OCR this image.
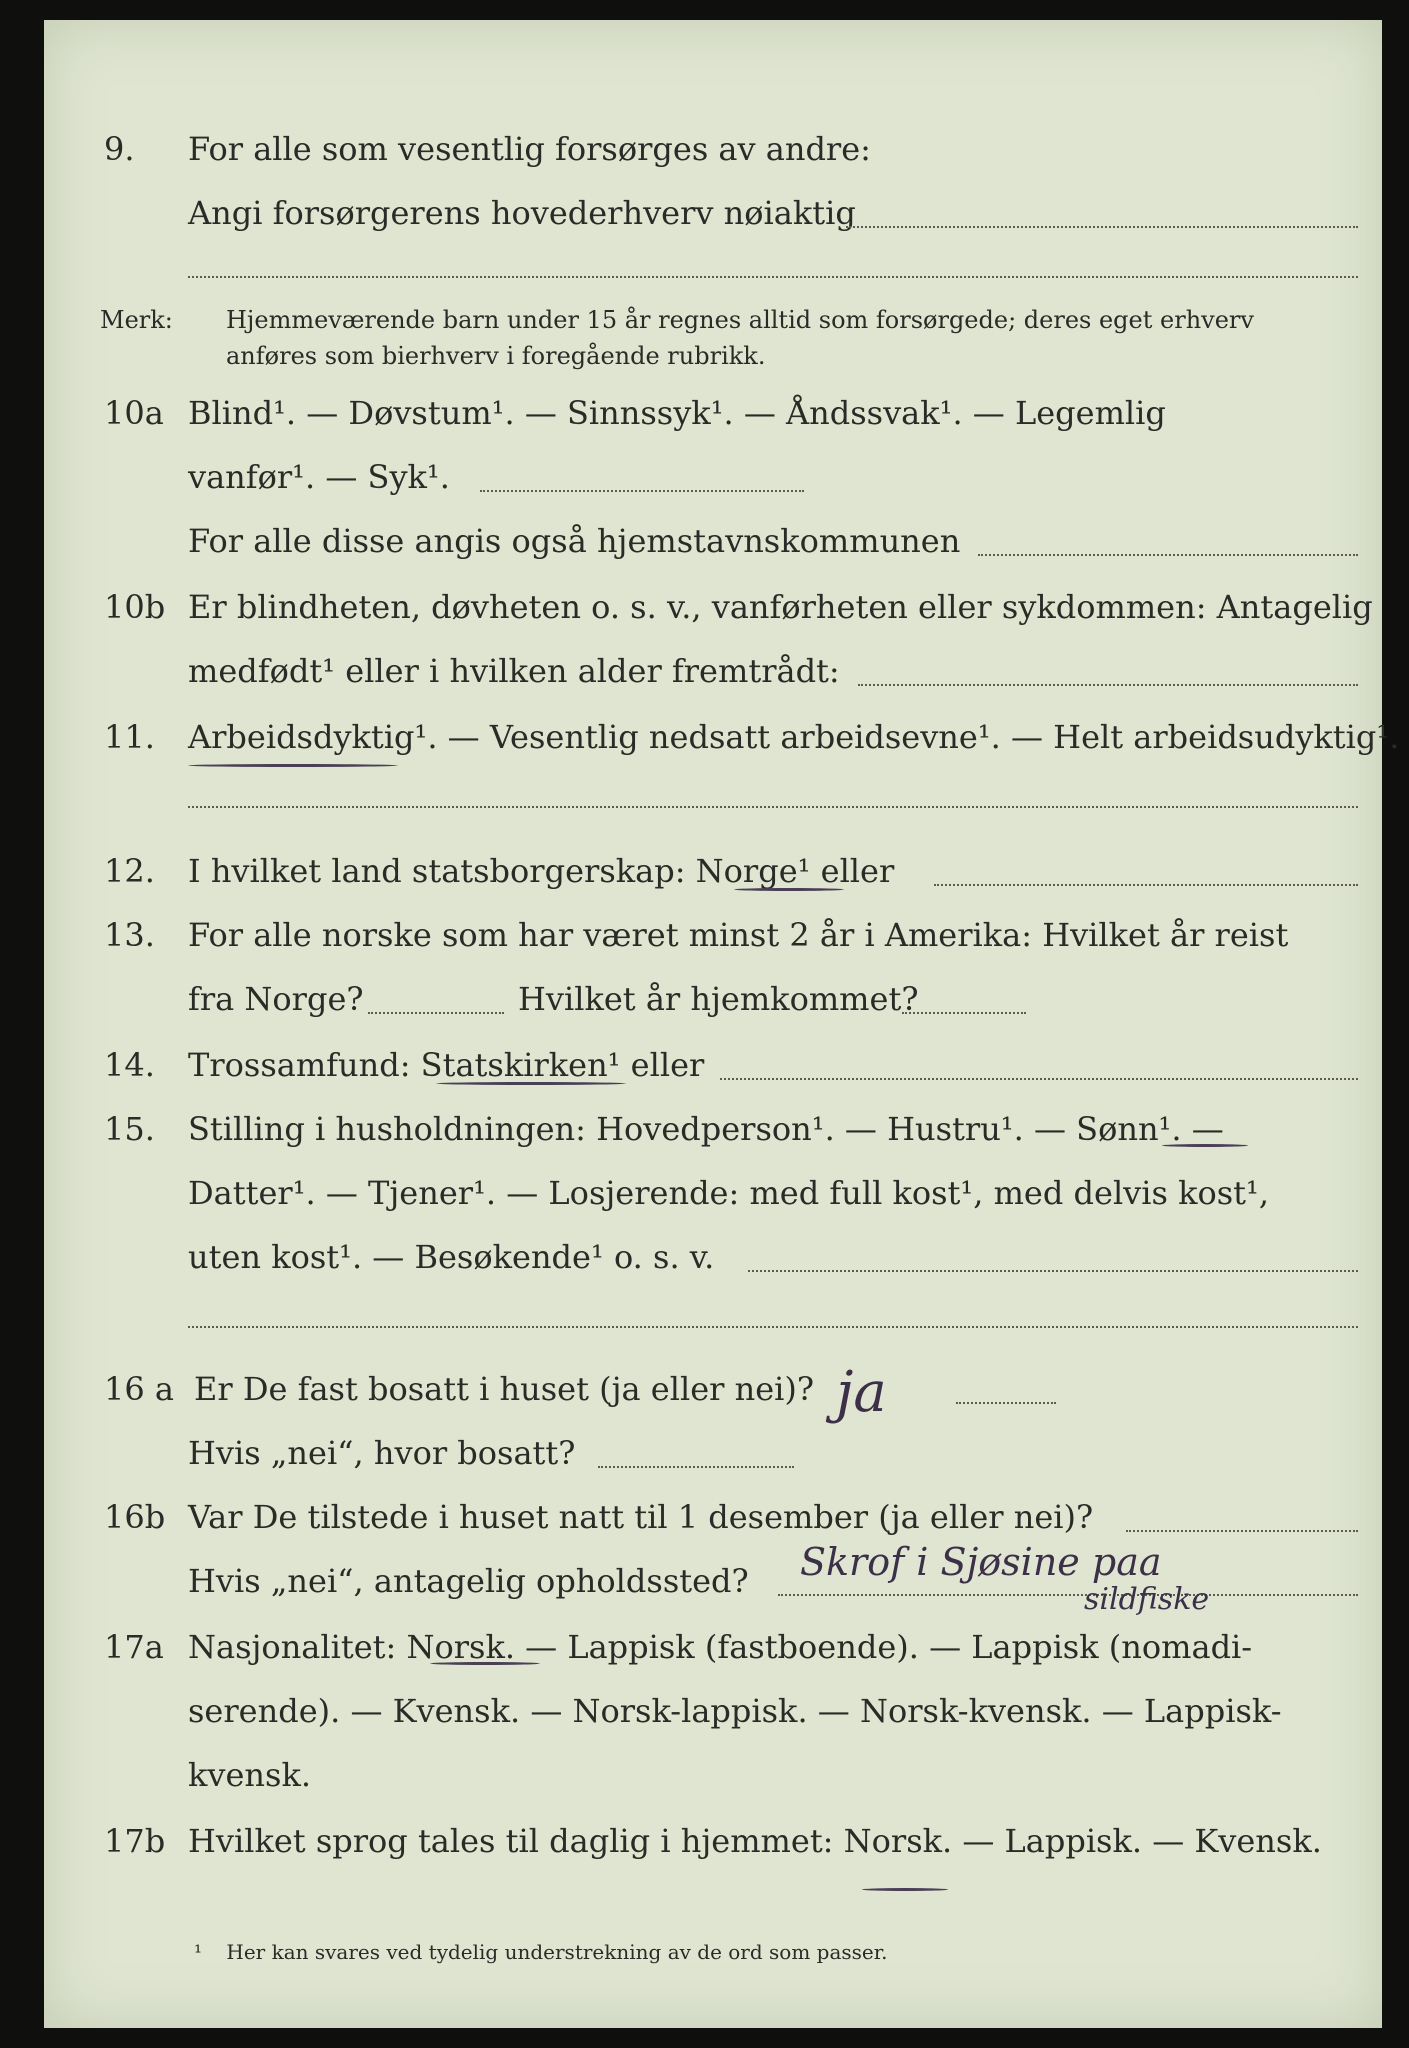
9. For alle som vesentlig forsørges av andre:
Angi forsørgerens hovederhverv nøiaktig
Merk: Hjemmeværende barn under 15 år regnes alltid som forsørgede; deres eget erhverv
anføres som bierhverv i foregående rubrikk.
10a Blind¹. — Døvstum¹. — Sinnssyk¹. — Åndssvak¹. — Legemlig
vanfør¹. — Syk¹.
For alle disse angis også hjemstavnskommunen
10b Er blindheten, døvheten o. s. v., vanførheten eller sykdommen: Antagelig
medfødt¹ eller i hvilken alder fremtrådt:
11. Arbeidsdyktig¹. — Vesentlig nedsatt arbeidsevne¹. — Helt arbeidsudyktig¹.
12. I hvilket land statsborgerskap: Norge¹ eller
13. For alle norske som har været minst 2 år i Amerika: Hvilket år reist
fra Norge?	Hvilket år hjemkommet?
14. Trossamfund: Statskirken¹ eller
15. Stilling i husholdningen: Hovedperson¹. — Hustru¹. — Sønn¹. —
Datter¹. — Tjener¹. — Losjerende: med full kost¹, med delvis kost¹,
uten kost¹. — Besøkende¹ o. s. v.
16 a Er De fast bosatt i huset (ja eller nei)? ja
Hvis „nei“, hvor bosatt?
16b Var De tilstede i huset natt til 1 desember (ja eller nei)?
Hvis „nei“, antagelig opholdssted? Skrof i Sjøsine paa
sildfiske
17a Nasjonalitet: Norsk. — Lappisk (fastboende). — Lappisk (nomadi-
serende). — Kvensk. — Norsk-lappisk. — Norsk-kvensk. — Lappisk-
kvensk.
17b Hvilket sprog tales til daglig i hjemmet: Norsk. — Lappisk. — Kvensk.
¹ Her kan svares ved tydelig understrekning av de ord som passer.
